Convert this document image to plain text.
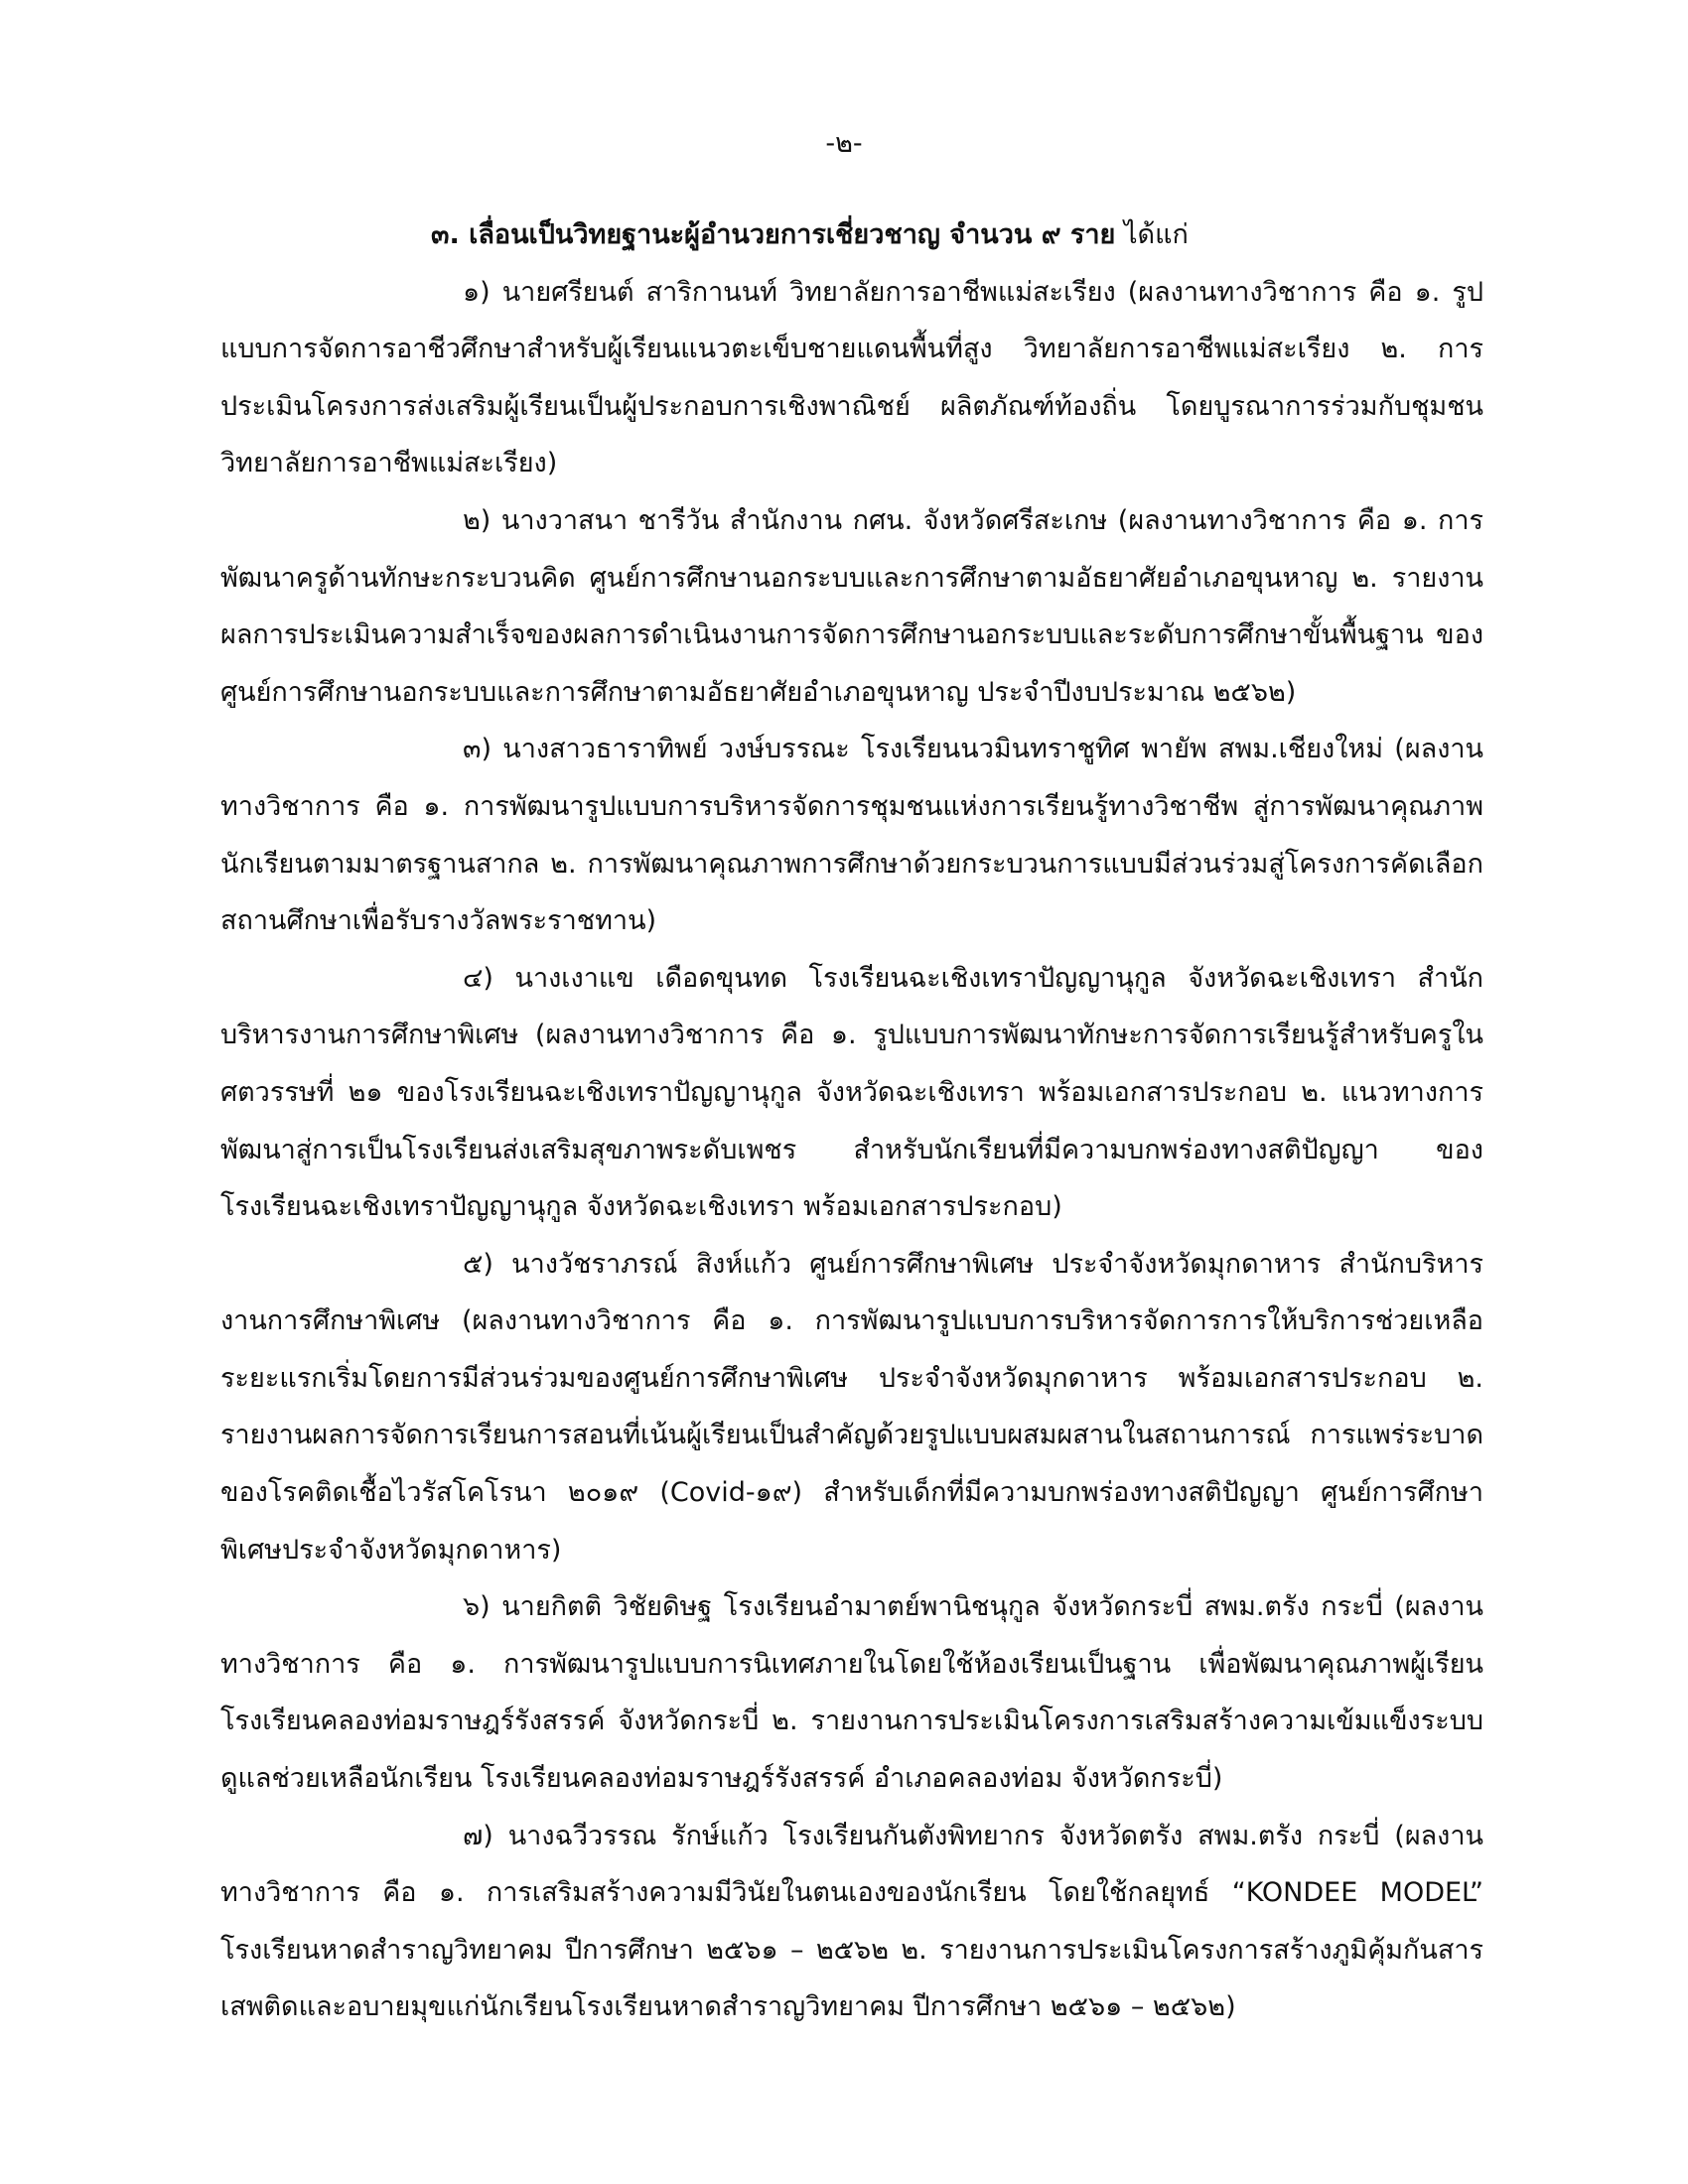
-๒-

๓. เลื่อนเป็นวิทยฐานะผู้อำนวยการเชี่ยวชาญ จำนวน ๙ ราย ได้แก่

๑) นายศรียนต์ สาริกานนท์ วิทยาลัยการอาชีพแม่สะเรียง (ผลงานทางวิชาการ คือ ๑. รูปแบบการจัดการอาชีวศึกษาสำหรับผู้เรียนแนวตะเข็บชายแดนพื้นที่สูง วิทยาลัยการอาชีพแม่สะเรียง ๒. การประเมินโครงการส่งเสริมผู้เรียนเป็นผู้ประกอบการเชิงพาณิชย์ ผลิตภัณฑ์ท้องถิ่น โดยบูรณาการร่วมกับชุมชน วิทยาลัยการอาชีพแม่สะเรียง)

๒) นางวาสนา ชารีวัน สำนักงาน กศน. จังหวัดศรีสะเกษ (ผลงานทางวิชาการ คือ ๑. การพัฒนาครูด้านทักษะกระบวนคิด ศูนย์การศึกษานอกระบบและการศึกษาตามอัธยาศัยอำเภอขุนหาญ ๒. รายงานผลการประเมินความสำเร็จของผลการดำเนินงานการจัดการศึกษานอกระบบและระดับการศึกษาขั้นพื้นฐาน ของศูนย์การศึกษานอกระบบและการศึกษาตามอัธยาศัยอำเภอขุนหาญ ประจำปีงบประมาณ ๒๕๖๒)

๓) นางสาวธาราทิพย์ วงษ์บรรณะ โรงเรียนนวมินทราชูทิศ พายัพ สพม.เชียงใหม่ (ผลงานทางวิชาการ คือ ๑. การพัฒนารูปแบบการบริหารจัดการชุมชนแห่งการเรียนรู้ทางวิชาชีพ สู่การพัฒนาคุณภาพนักเรียนตามมาตรฐานสากล ๒. การพัฒนาคุณภาพการศึกษาด้วยกระบวนการแบบมีส่วนร่วมสู่โครงการคัดเลือกสถานศึกษาเพื่อรับรางวัลพระราชทาน)

๔) นางเงาแข เดือดขุนทด โรงเรียนฉะเชิงเทราปัญญานุกูล จังหวัดฉะเชิงเทรา สำนักบริหารงานการศึกษาพิเศษ (ผลงานทางวิชาการ คือ ๑. รูปแบบการพัฒนาทักษะการจัดการเรียนรู้สำหรับครูในศตวรรษที่ ๒๑ ของโรงเรียนฉะเชิงเทราปัญญานุกูล จังหวัดฉะเชิงเทรา พร้อมเอกสารประกอบ ๒. แนวทางการพัฒนาสู่การเป็นโรงเรียนส่งเสริมสุขภาพระดับเพชร สำหรับนักเรียนที่มีความบกพร่องทางสติปัญญา ของโรงเรียนฉะเชิงเทราปัญญานุกูล จังหวัดฉะเชิงเทรา พร้อมเอกสารประกอบ)

๕) นางวัชราภรณ์ สิงห์แก้ว ศูนย์การศึกษาพิเศษ ประจำจังหวัดมุกดาหาร สำนักบริหารงานการศึกษาพิเศษ (ผลงานทางวิชาการ คือ ๑. การพัฒนารูปแบบการบริหารจัดการการให้บริการช่วยเหลือระยะแรกเริ่มโดยการมีส่วนร่วมของศูนย์การศึกษาพิเศษ ประจำจังหวัดมุกดาหาร พร้อมเอกสารประกอบ ๒. รายงานผลการจัดการเรียนการสอนที่เน้นผู้เรียนเป็นสำคัญด้วยรูปแบบผสมผสานในสถานการณ์ การแพร่ระบาดของโรคติดเชื้อไวรัสโคโรนา ๒๐๑๙ (Covid-๑๙) สำหรับเด็กที่มีความบกพร่องทางสติปัญญา ศูนย์การศึกษาพิเศษประจำจังหวัดมุกดาหาร)

๖) นายกิตติ วิชัยดิษฐ โรงเรียนอำมาตย์พานิชนุกูล จังหวัดกระบี่ สพม.ตรัง กระบี่ (ผลงานทางวิชาการ คือ ๑. การพัฒนารูปแบบการนิเทศภายในโดยใช้ห้องเรียนเป็นฐาน เพื่อพัฒนาคุณภาพผู้เรียนโรงเรียนคลองท่อมราษฎร์รังสรรค์ จังหวัดกระบี่ ๒. รายงานการประเมินโครงการเสริมสร้างความเข้มแข็งระบบดูแลช่วยเหลือนักเรียน โรงเรียนคลองท่อมราษฎร์รังสรรค์ อำเภอคลองท่อม จังหวัดกระบี่)

๗) นางฉวีวรรณ รักษ์แก้ว โรงเรียนกันตังพิทยากร จังหวัดตรัง สพม.ตรัง กระบี่ (ผลงานทางวิชาการ คือ ๑. การเสริมสร้างความมีวินัยในตนเองของนักเรียน โดยใช้กลยุทธ์ “KONDEE MODEL” โรงเรียนหาดสำราญวิทยาคม ปีการศึกษา ๒๕๖๑ – ๒๕๖๒ ๒. รายงานการประเมินโครงการสร้างภูมิคุ้มกันสารเสพติดและอบายมุขแก่นักเรียนโรงเรียนหาดสำราญวิทยาคม ปีการศึกษา ๒๕๖๑ – ๒๕๖๒)
